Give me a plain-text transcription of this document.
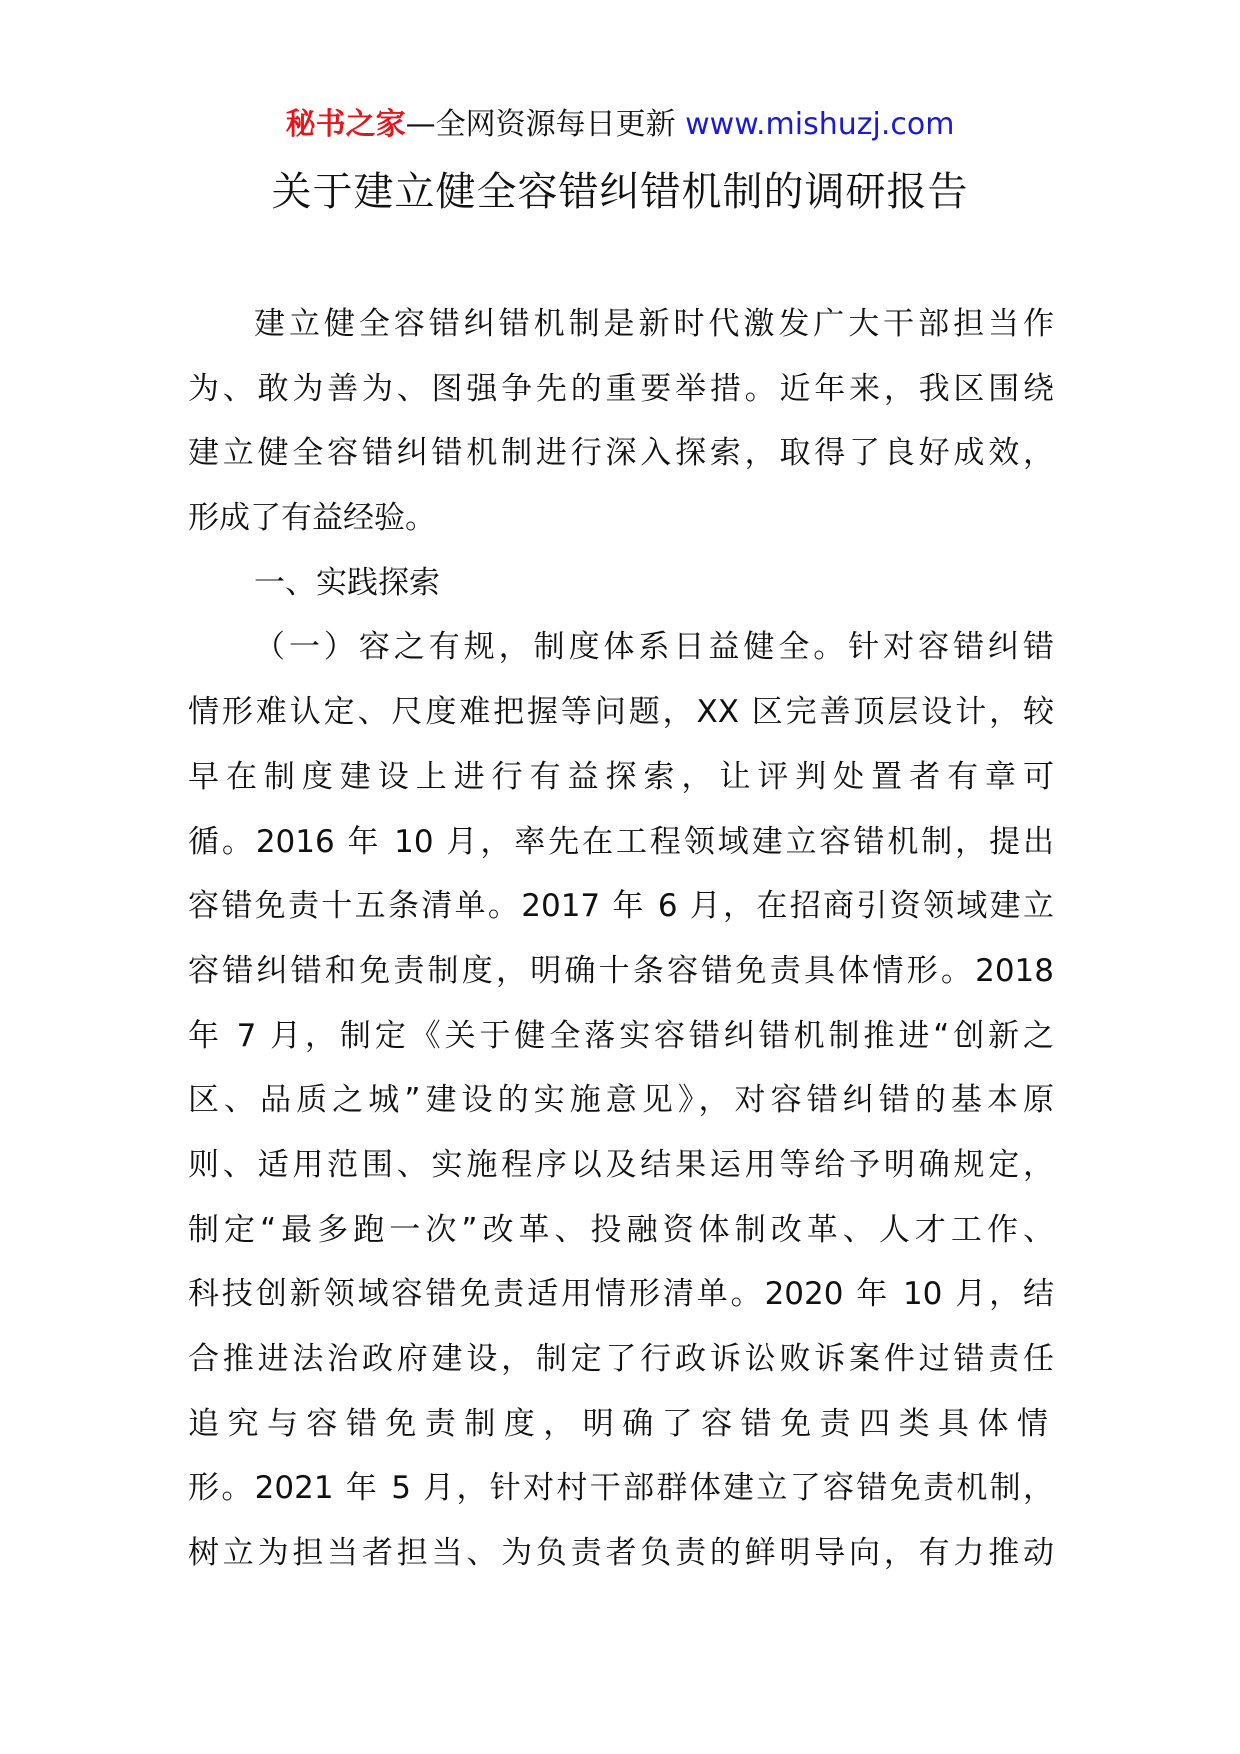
秘书之家—全网资源每日更新 www.mishuzj.com
关于建立健全容错纠错机制的调研报告
建立健全容错纠错机制是新时代激发广大干部担当作
为、敢为善为、图强争先的重要举措。近年来，我区围绕
建立健全容错纠错机制进行深入探索，取得了良好成效，
形成了有益经验。
一、实践探索
（一）容之有规，制度体系日益健全。针对容错纠错
情形难认定、尺度难把握等问题，XX 区完善顶层设计，较
早在制度建设上进行有益探索，让评判处置者有章可
循。2016 年 10 月，率先在工程领域建立容错机制，提出
容错免责十五条清单。2017 年 6 月，在招商引资领域建立
容错纠错和免责制度，明确十条容错免责具体情形。2018
年 7 月，制定《关于健全落实容错纠错机制推进“创新之
区、品质之城”建设的实施意见》，对容错纠错的基本原
则、适用范围、实施程序以及结果运用等给予明确规定，
制定“最多跑一次”改革、投融资体制改革、人才工作、
科技创新领域容错免责适用情形清单。2020 年 10 月，结
合推进法治政府建设，制定了行政诉讼败诉案件过错责任
追究与容错免责制度，明确了容错免责四类具体情
形。2021 年 5 月，针对村干部群体建立了容错免责机制，
树立为担当者担当、为负责者负责的鲜明导向，有力推动
